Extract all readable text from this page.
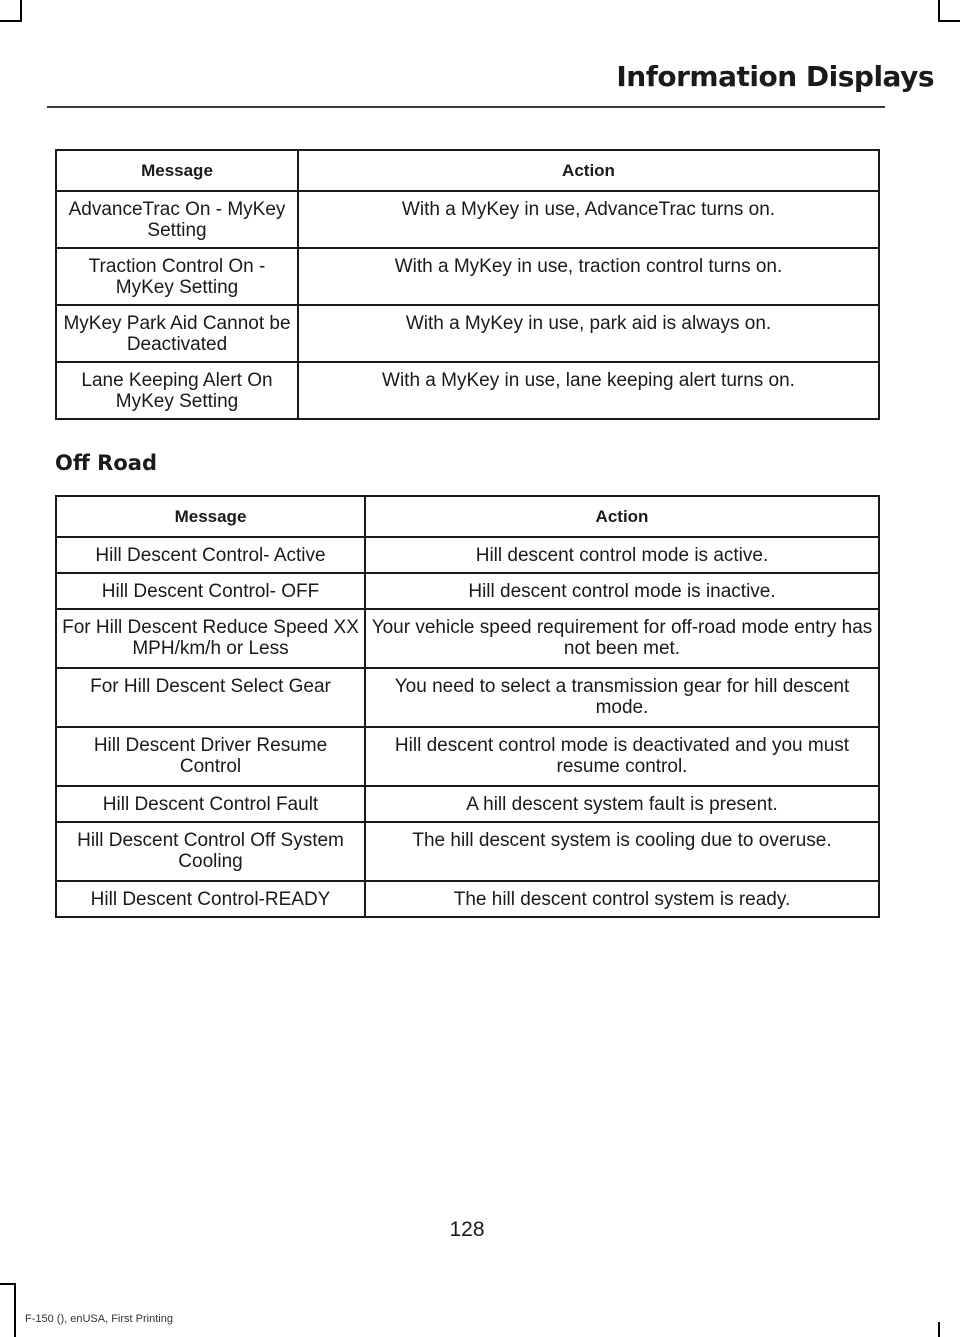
Information Displays
Message	Action
AdvanceTrac On - MyKey Setting	With a MyKey in use, AdvanceTrac turns on.
Traction Control On - MyKey Setting	With a MyKey in use, traction control turns on.
MyKey Park Aid Cannot be Deactivated	With a MyKey in use, park aid is always on.
Lane Keeping Alert On MyKey Setting	With a MyKey in use, lane keeping alert turns on.
Off Road
Message	Action
Hill Descent Control- Active	Hill descent control mode is active.
Hill Descent Control- OFF	Hill descent control mode is inactive.
For Hill Descent Reduce Speed XX MPH/km/h or Less	Your vehicle speed requirement for off-road mode entry has not been met.
For Hill Descent Select Gear	You need to select a transmission gear for hill descent mode.
Hill Descent Driver Resume Control	Hill descent control mode is deactivated and you must resume control.
Hill Descent Control Fault	A hill descent system fault is present.
Hill Descent Control Off System Cooling	The hill descent system is cooling due to overuse.
Hill Descent Control-READY	The hill descent control system is ready.
128
F-150 (), enUSA, First Printing
